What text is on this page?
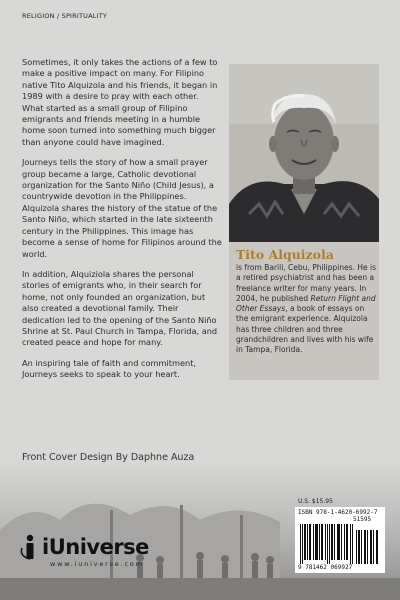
RELIGION / SPIRITUALITY

Sometimes, it only takes the actions of a few to make a positive impact on many. For Filipino native Tito Alquizola and his friends, it began in 1989 with a desire to pray with each other. What started as a small group of Filipino emigrants and friends meeting in a humble home soon turned into something much bigger than anyone could have imagined.

Journeys tells the story of how a small prayer group became a large, Catholic devotional organization for the Santo Niño (Child Jesus), a countrywide devotion in the Philippines. Alquizola shares the history of the statue of the Santo Niño, which started in the late sixteenth century in the Philippines. This image has become a sense of home for Filipinos around the world.

In addition, Alquiziola shares the personal stories of emigrants who, in their search for home, not only founded an organization, but also created a devotional family. Their dedication led to the opening of the Santo Niño Shrine at St. Paul Church in Tampa, Florida, and created peace and hope for many.

An inspiring tale of faith and commitment, Journeys seeks to speak to your heart.

Tito Alquizola
is from Barili, Cebu, Philippines. He is a retired psychiatrist and has been a freelance writer for many years. In 2004, he published Return Flight and Other Essays, a book of essays on the emigrant experience. Alquizola has three children and three grandchildren and lives with his wife in Tampa, Florida.
Front Cover Design By Daphne Auza
U.S. $15.95
ISBN 978-1-4620-6992-7
51595
9 781462 069927
iUniverse
www.iuniverse.com
